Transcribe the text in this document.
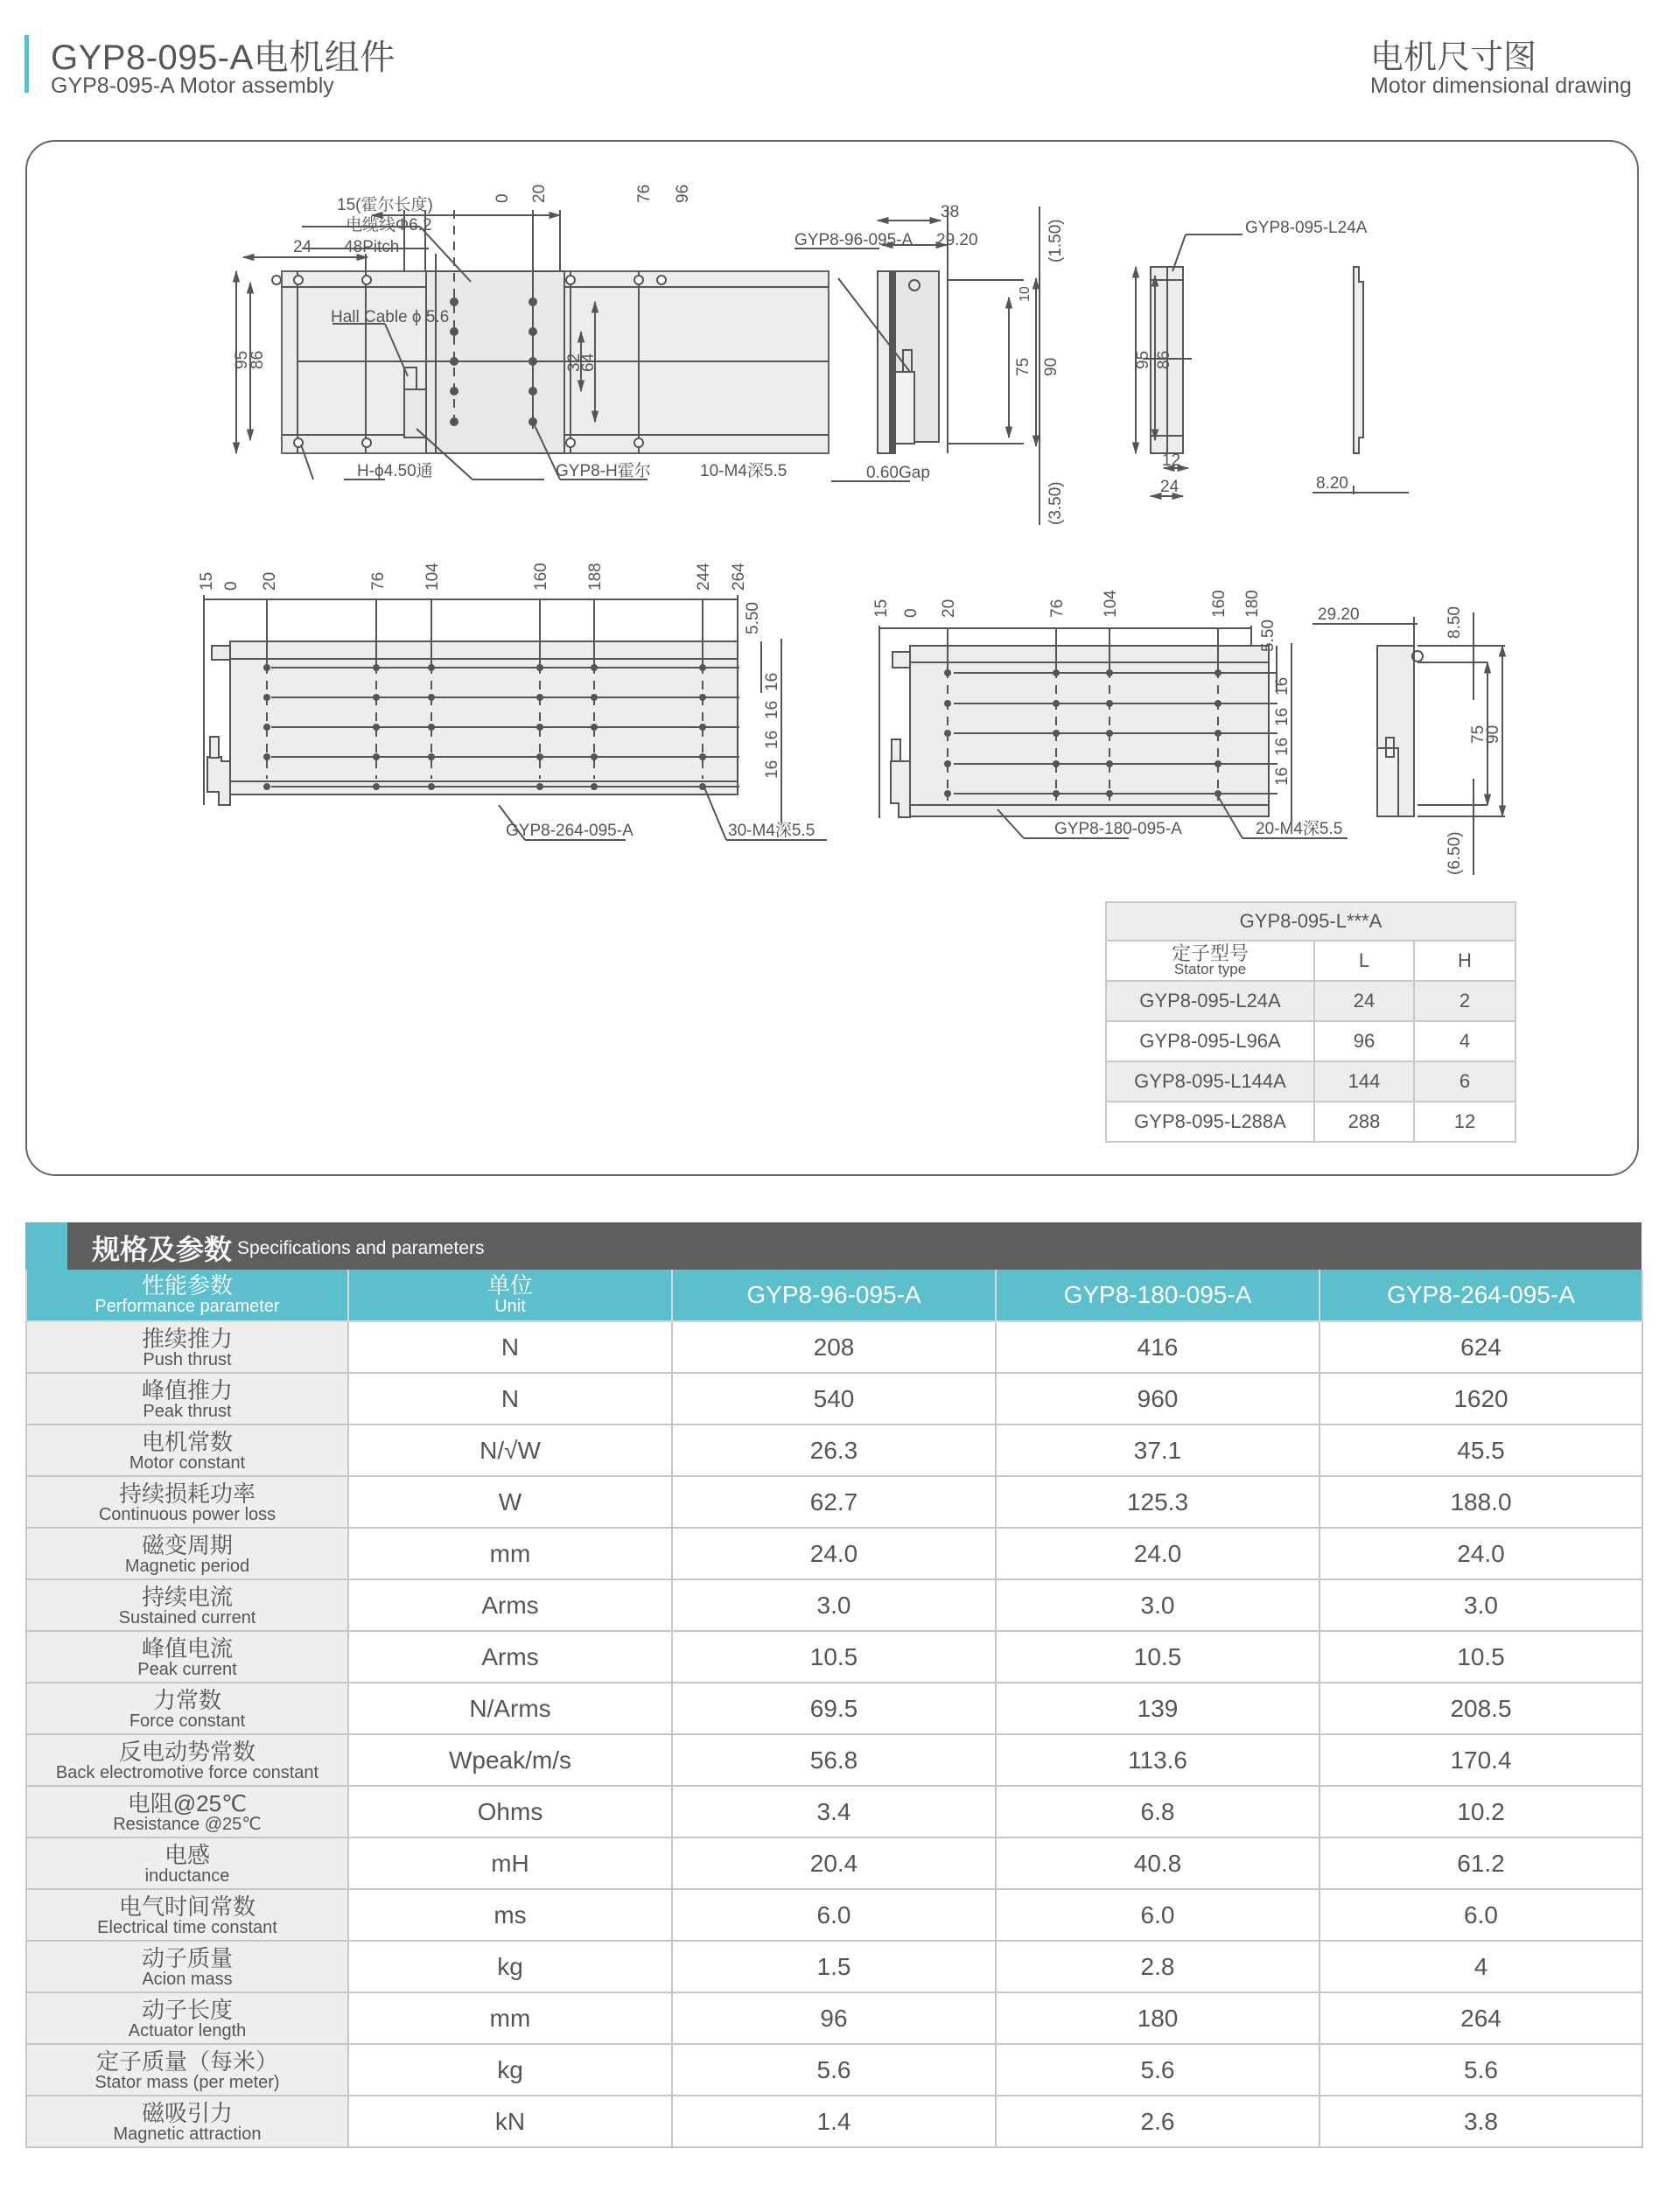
GYP8-095-A电机组件
GYP8-095-A Motor assembly
电机尺寸图
Motor dimensional drawing
15(霍尔长度)
电缆线Φ6.2
48Pitch
24
Hall Cable ϕ 5.6
H-ϕ4.50通	GYP8-H霍尔	10-M4深5.5
95
86	32
64
0 20	76 96
GYP8-96-095-A 29.20
38
0.60Gap
(1.50)
10
75 90
(3.50)
GYP8-095-L24A
95 86
12
24	8.20
GYP8-264-095-A	30-M4深5.5
15 0 20	76 104	160 188	244 264
5.50
16
16
16
16
GYP8-180-095-A	20-M4深5.5
15 0 20	76 104	160 180
5.50
16
16
16
16
29.20	8.50
75
90
(6.50)
GYP8-095-L***A		

定子型号
Stator type	L	H
GYP8-095-L24A	24	2
GYP8-095-L96A	96	4
GYP8-095-L144A	144	6
GYP8-095-L288A	288	12
规格及参数 Specifications and parameters
性能参数
Performance parameter	单位
Unit	GYP8-96-095-A	GYP8-180-095-A	GYP8-264-095-A

推续推力
Push thrust	N	208	416	624

峰值推力
Peak thrust	N	540	960	1620

电机常数
Motor constant	N/√W	26.3	37.1	45.5

持续损耗功率
Continuous power loss	W	62.7	125.3	188.0

磁变周期
Magnetic period	mm	24.0	24.0	24.0

持续电流
Sustained current	Arms	3.0	3.0	3.0

峰值电流
Peak current	Arms	10.5	10.5	10.5

力常数
Force constant	N/Arms	69.5	139	208.5

反电动势常数
Back electromotive force constant	Wpeak/m/s	56.8	113.6	170.4

电阻@25℃
Resistance @25℃	Ohms	3.4	6.8	10.2

电感
inductance	mH	20.4	40.8	61.2

电气时间常数
Electrical time constant	ms	6.0	6.0	6.0

动子质量
Acion mass	kg	1.5	2.8	4

动子长度
Actuator length	mm	96	180	264

定子质量（每米）
Stator mass (per meter)	kg	5.6	5.6	5.6

磁吸引力
Magnetic attraction	kN	1.4	2.6	3.8
